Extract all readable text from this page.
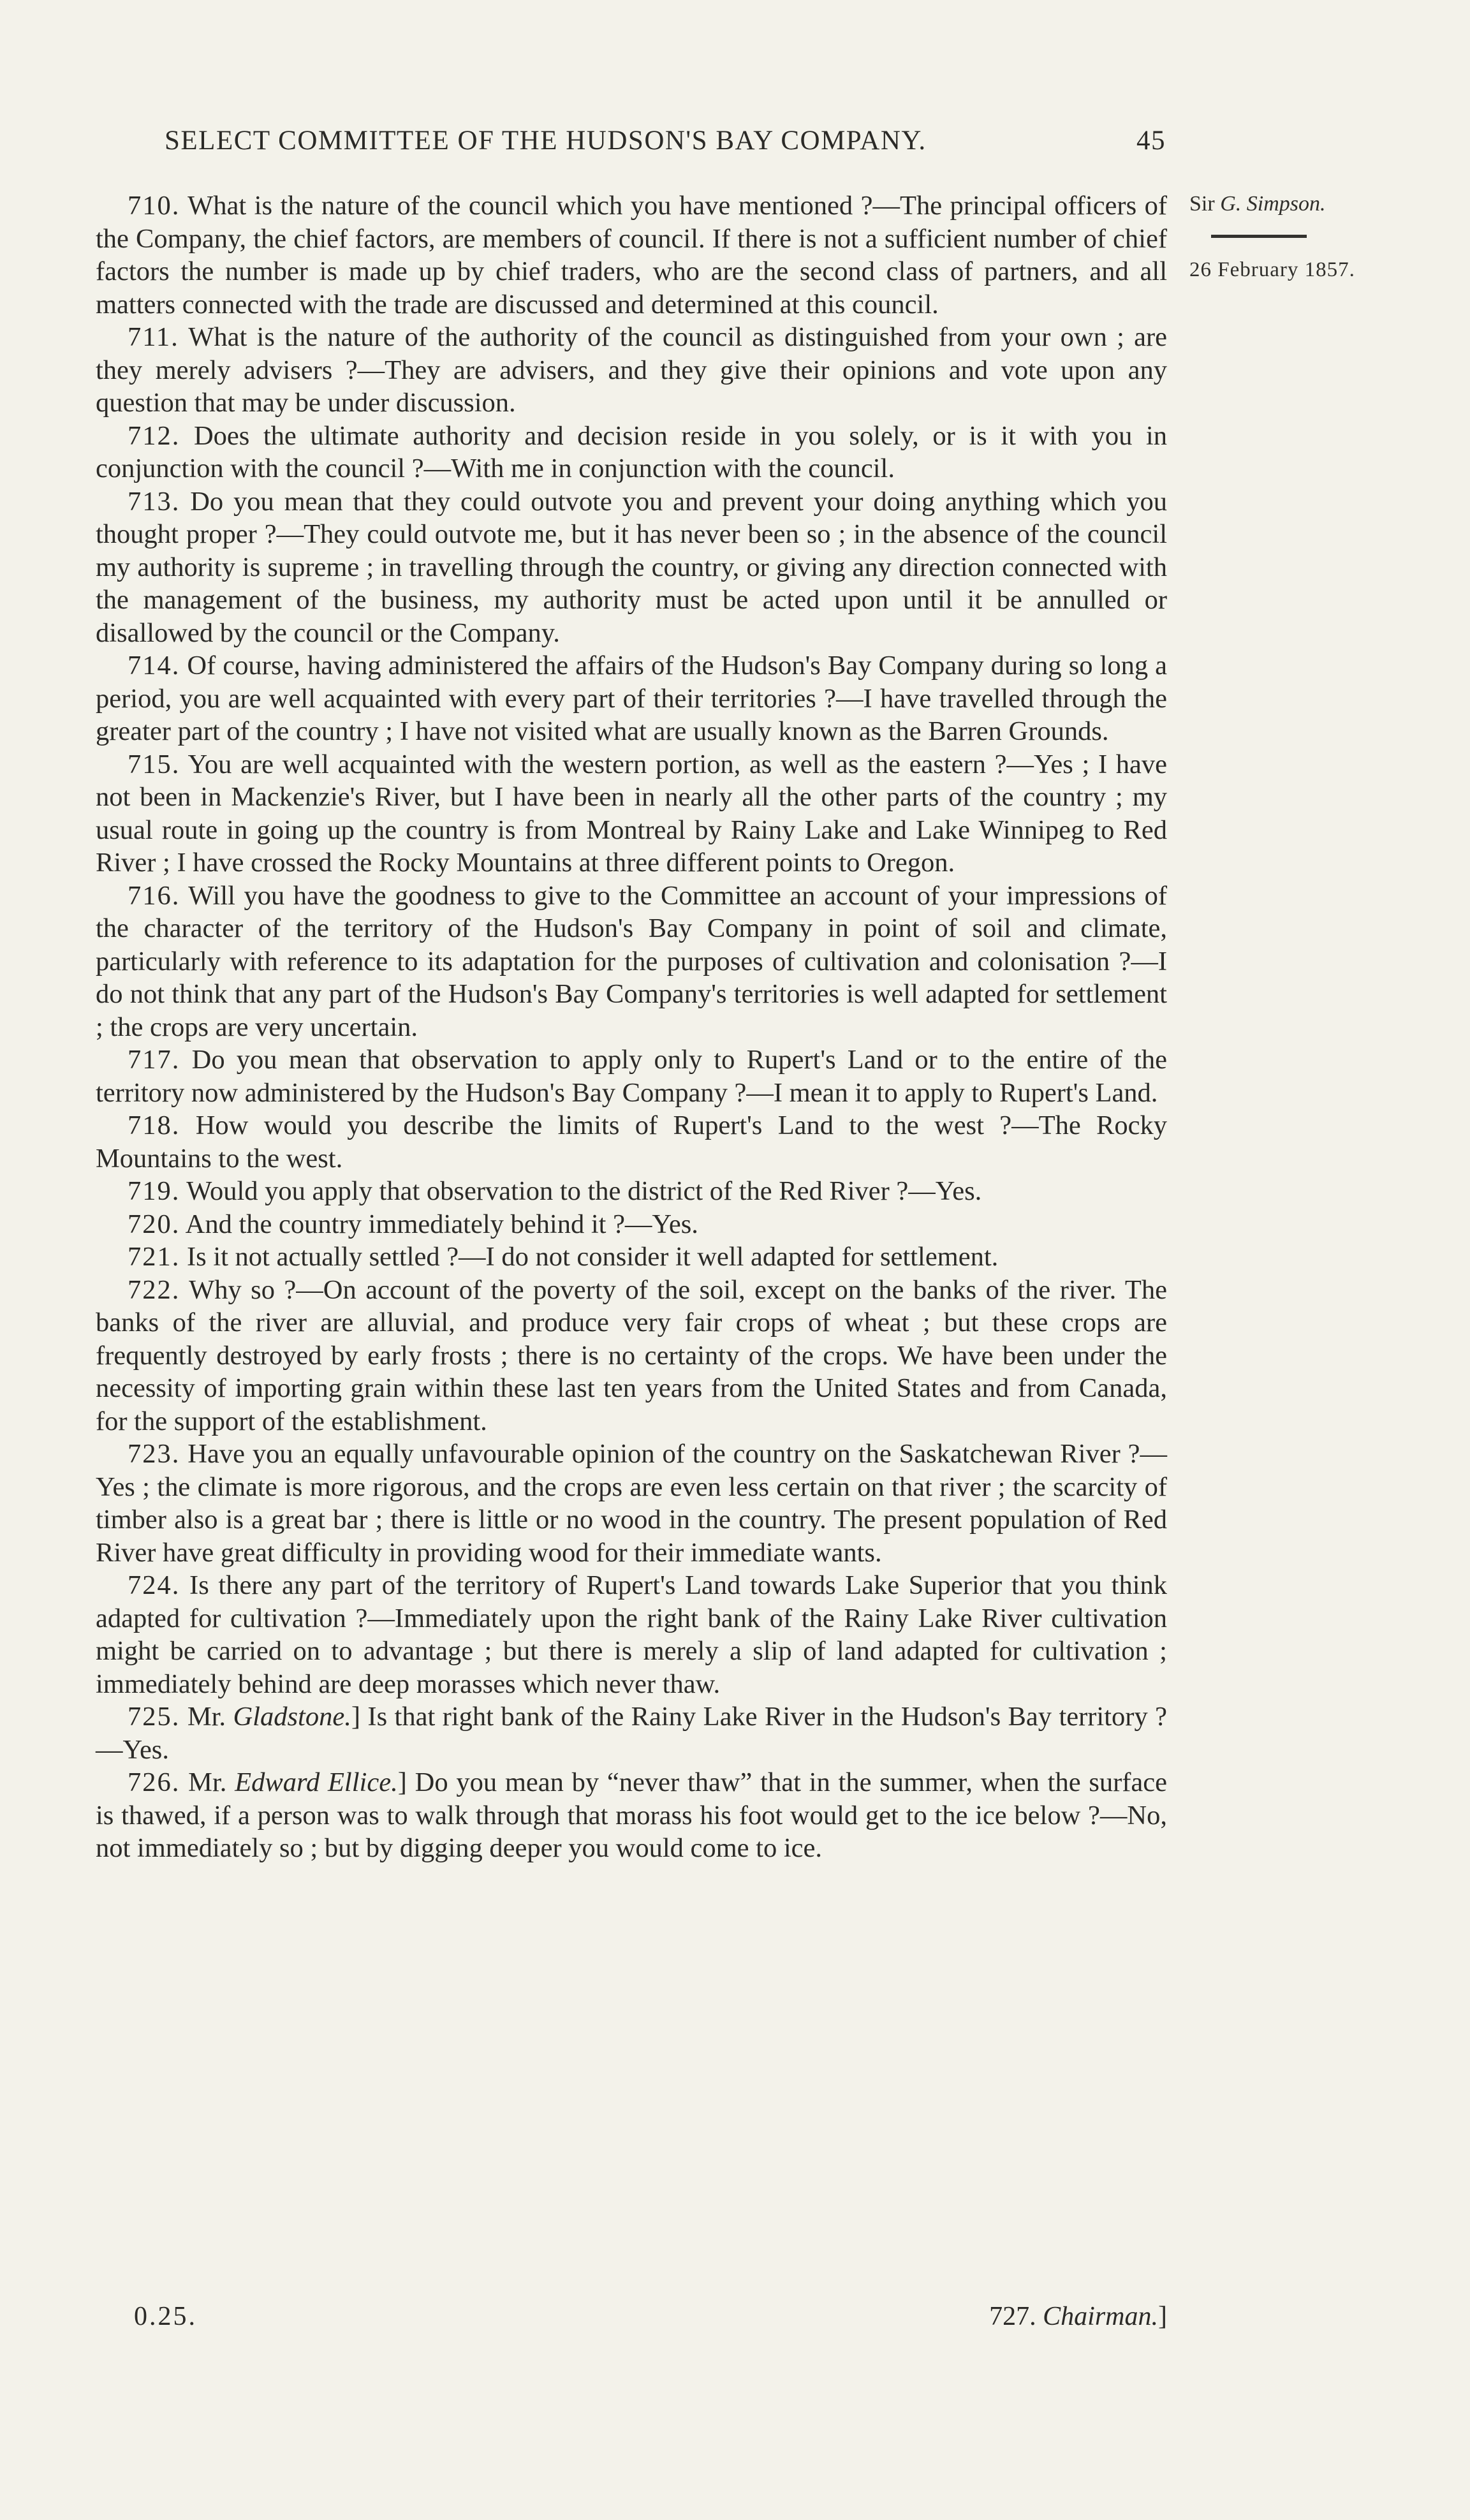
SELECT COMMITTEE OF THE HUDSON'S BAY COMPANY.	45
Sir G. Simpson.
26 February 1857.

710. What is the nature of the council which you have mentioned ?—The principal officers of the Company, the chief factors, are members of council. If there is not a sufficient number of chief factors the number is made up by chief traders, who are the second class of partners, and all matters connected with the trade are discussed and determined at this council.

711. What is the nature of the authority of the council as distinguished from your own ; are they merely advisers ?—They are advisers, and they give their opinions and vote upon any question that may be under discussion.

712. Does the ultimate authority and decision reside in you solely, or is it with you in conjunction with the council ?—With me in conjunction with the council.

713. Do you mean that they could outvote you and prevent your doing anything which you thought proper ?—They could outvote me, but it has never been so ; in the absence of the council my authority is supreme ; in travelling through the country, or giving any direction connected with the management of the business, my authority must be acted upon until it be annulled or disallowed by the council or the Company.

714. Of course, having administered the affairs of the Hudson's Bay Company during so long a period, you are well acquainted with every part of their territories ?—I have travelled through the greater part of the country ; I have not visited what are usually known as the Barren Grounds.

715. You are well acquainted with the western portion, as well as the eastern ?—Yes ; I have not been in Mackenzie's River, but I have been in nearly all the other parts of the country ; my usual route in going up the country is from Montreal by Rainy Lake and Lake Winnipeg to Red River ; I have crossed the Rocky Mountains at three different points to Oregon.

716. Will you have the goodness to give to the Committee an account of your impressions of the character of the territory of the Hudson's Bay Company in point of soil and climate, particularly with reference to its adaptation for the purposes of cultivation and colonisation ?—I do not think that any part of the Hudson's Bay Company's territories is well adapted for settlement ; the crops are very uncertain.

717. Do you mean that observation to apply only to Rupert's Land or to the entire of the territory now administered by the Hudson's Bay Company ?—I mean it to apply to Rupert's Land.

718. How would you describe the limits of Rupert's Land to the west ?—The Rocky Mountains to the west.

719. Would you apply that observation to the district of the Red River ?—Yes.

720. And the country immediately behind it ?—Yes.

721. Is it not actually settled ?—I do not consider it well adapted for settlement.

722. Why so ?—On account of the poverty of the soil, except on the banks of the river. The banks of the river are alluvial, and produce very fair crops of wheat ; but these crops are frequently destroyed by early frosts ; there is no certainty of the crops. We have been under the necessity of importing grain within these last ten years from the United States and from Canada, for the support of the establishment.

723. Have you an equally unfavourable opinion of the country on the Saskatchewan River ?—Yes ; the climate is more rigorous, and the crops are even less certain on that river ; the scarcity of timber also is a great bar ; there is little or no wood in the country. The present population of Red River have great difficulty in providing wood for their immediate wants.

724. Is there any part of the territory of Rupert's Land towards Lake Superior that you think adapted for cultivation ?—Immediately upon the right bank of the Rainy Lake River cultivation might be carried on to advantage ; but there is merely a slip of land adapted for cultivation ; immediately behind are deep morasses which never thaw.

725. Mr. Gladstone.] Is that right bank of the Rainy Lake River in the Hudson's Bay territory ?—Yes.

726. Mr. Edward Ellice.] Do you mean by “never thaw” that in the summer, when the surface is thawed, if a person was to walk through that morass his foot would get to the ice below ?—No, not immediately so ; but by digging deeper you would come to ice.

0.25.	727. Chairman.]
